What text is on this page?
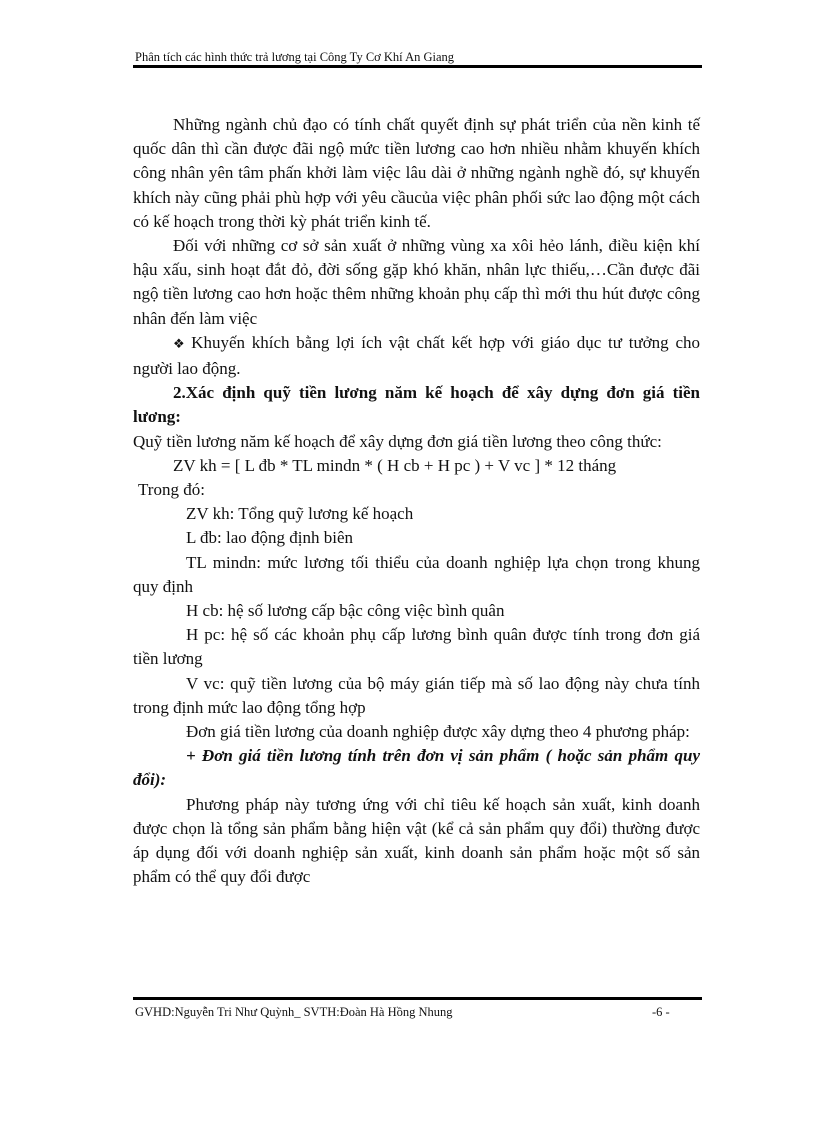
Phân tích các hình thức trả lương tại Công Ty Cơ Khí An Giang

Những ngành chủ đạo có tính chất quyết định sự phát triển của nền kinh tế quốc dân thì cần được đãi ngộ mức tiền lương cao hơn nhiều nhằm khuyến khích công nhân yên tâm phấn khởi làm việc lâu dài ở những ngành nghề đó, sự khuyến khích này cũng phải phù hợp với yêu cầucủa việc phân phối sức lao động một cách có kế hoạch trong thời kỳ phát triển kinh tế.

Đối với những cơ sở sản xuất ở những vùng xa xôi hẻo lánh, điều kiện khí hậu xấu, sinh hoạt đắt đỏ, đời sống gặp khó khăn, nhân lực thiếu,…Cần được đãi ngộ tiền lương cao hơn hoặc thêm những khoản phụ cấp thì mới thu hút được công nhân đến làm việc

❖ Khuyến khích bằng lợi ích vật chất kết hợp với giáo dục tư tưởng cho người lao động.

2.Xác định quỹ tiền lương năm kế hoạch để xây dựng đơn giá tiền lương:

Quỹ tiền lương năm kế hoạch để xây dựng đơn giá tiền lương theo công thức:

ZV kh = [ L đb * TL mindn * ( H cb + H pc ) + V vc ] * 12 tháng

Trong đó:

ZV kh: Tổng quỹ lương kế hoạch

L đb: lao động định biên

TL mindn: mức lương tối thiểu của doanh nghiệp lựa chọn trong khung quy định

H cb: hệ số lương cấp bậc công việc bình quân

H pc: hệ số các khoản phụ cấp lương bình quân được tính trong đơn giá tiền lương

V vc: quỹ tiền lương của bộ máy gián tiếp mà số lao động này chưa tính trong định mức lao động tổng hợp

Đơn giá tiền lương của doanh nghiệp được xây dựng theo 4 phương pháp:

+ Đơn giá tiền lương tính trên đơn vị sản phẩm ( hoặc sản phẩm quy đổi):

Phương pháp này tương ứng với chỉ tiêu kế hoạch sản xuất, kinh doanh được chọn là tổng sản phẩm bằng hiện vật (kể cả sản phẩm quy đổi) thường được áp dụng đối với doanh nghiệp sản xuất, kinh doanh sản phẩm hoặc một số sản phẩm có thể quy đổi được

GVHD:Nguyễn Tri Như Quỳnh_ SVTH:Đoàn Hà Hồng Nhung	-6 -
